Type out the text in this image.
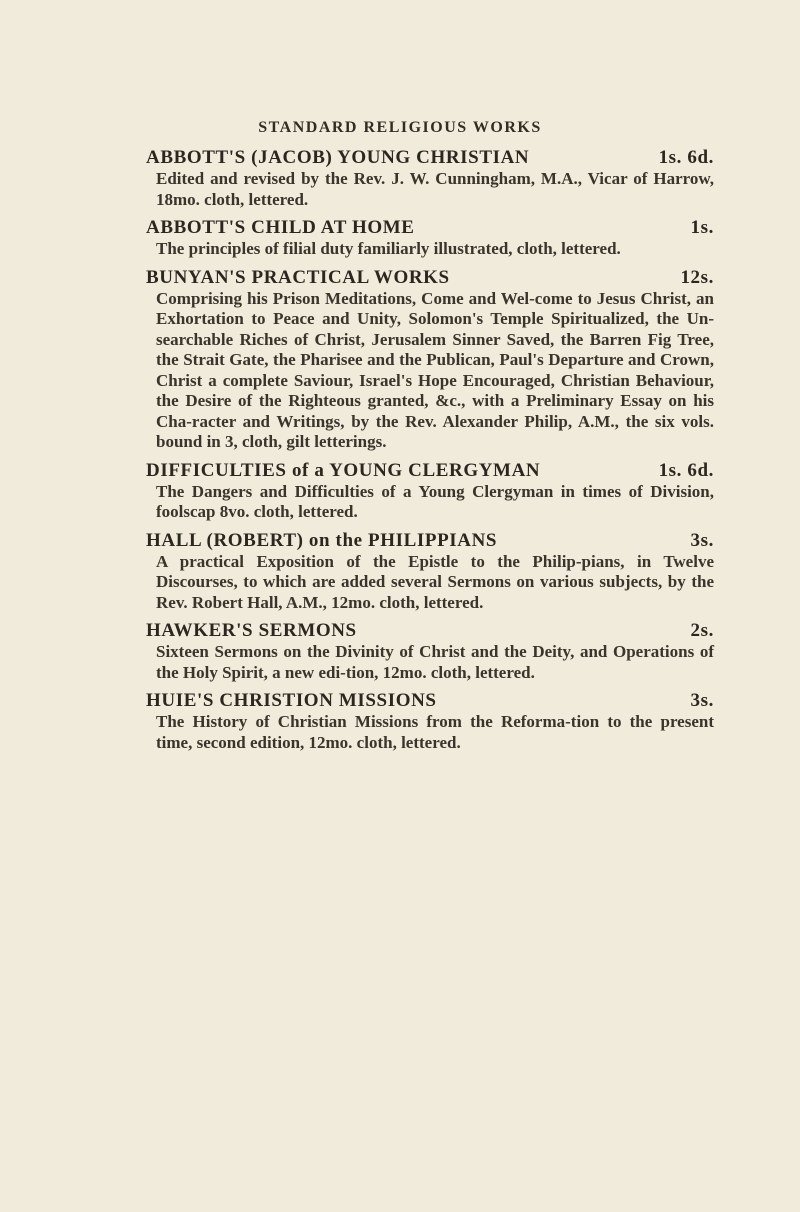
STANDARD RELIGIOUS WORKS
ABBOTT'S (JACOB) YOUNG CHRISTIAN	1s. 6d.

Edited and revised by the Rev. J. W. Cunningham, M.A., Vicar of Harrow, 18mo. cloth, lettered.

ABBOTT'S CHILD AT HOME	1s.

The principles of filial duty familiarly illustrated, cloth, lettered.

BUNYAN'S PRACTICAL WORKS	12s.

Comprising his Prison Meditations, Come and Wel-come to Jesus Christ, an Exhortation to Peace and Unity, Solomon's Temple Spiritualized, the Un-searchable Riches of Christ, Jerusalem Sinner Saved, the Barren Fig Tree, the Strait Gate, the Pharisee and the Publican, Paul's Departure and Crown, Christ a complete Saviour, Israel's Hope Encouraged, Christian Behaviour, the Desire of the Righteous granted, &c., with a Preliminary Essay on his Cha-racter and Writings, by the Rev. Alexander Philip, A.M., the six vols. bound in 3, cloth, gilt letterings.

DIFFICULTIES of a YOUNG CLERGYMAN	1s. 6d.

The Dangers and Difficulties of a Young Clergyman in times of Division, foolscap 8vo. cloth, lettered.

HALL (ROBERT) on the PHILIPPIANS	3s.

A practical Exposition of the Epistle to the Philip-pians, in Twelve Discourses, to which are added several Sermons on various subjects, by the Rev. Robert Hall, A.M., 12mo. cloth, lettered.

HAWKER'S SERMONS	2s.

Sixteen Sermons on the Divinity of Christ and the Deity, and Operations of the Holy Spirit, a new edi-tion, 12mo. cloth, lettered.

HUIE'S CHRISTION MISSIONS	3s.

The History of Christian Missions from the Reforma-tion to the present time, second edition, 12mo. cloth, lettered.
